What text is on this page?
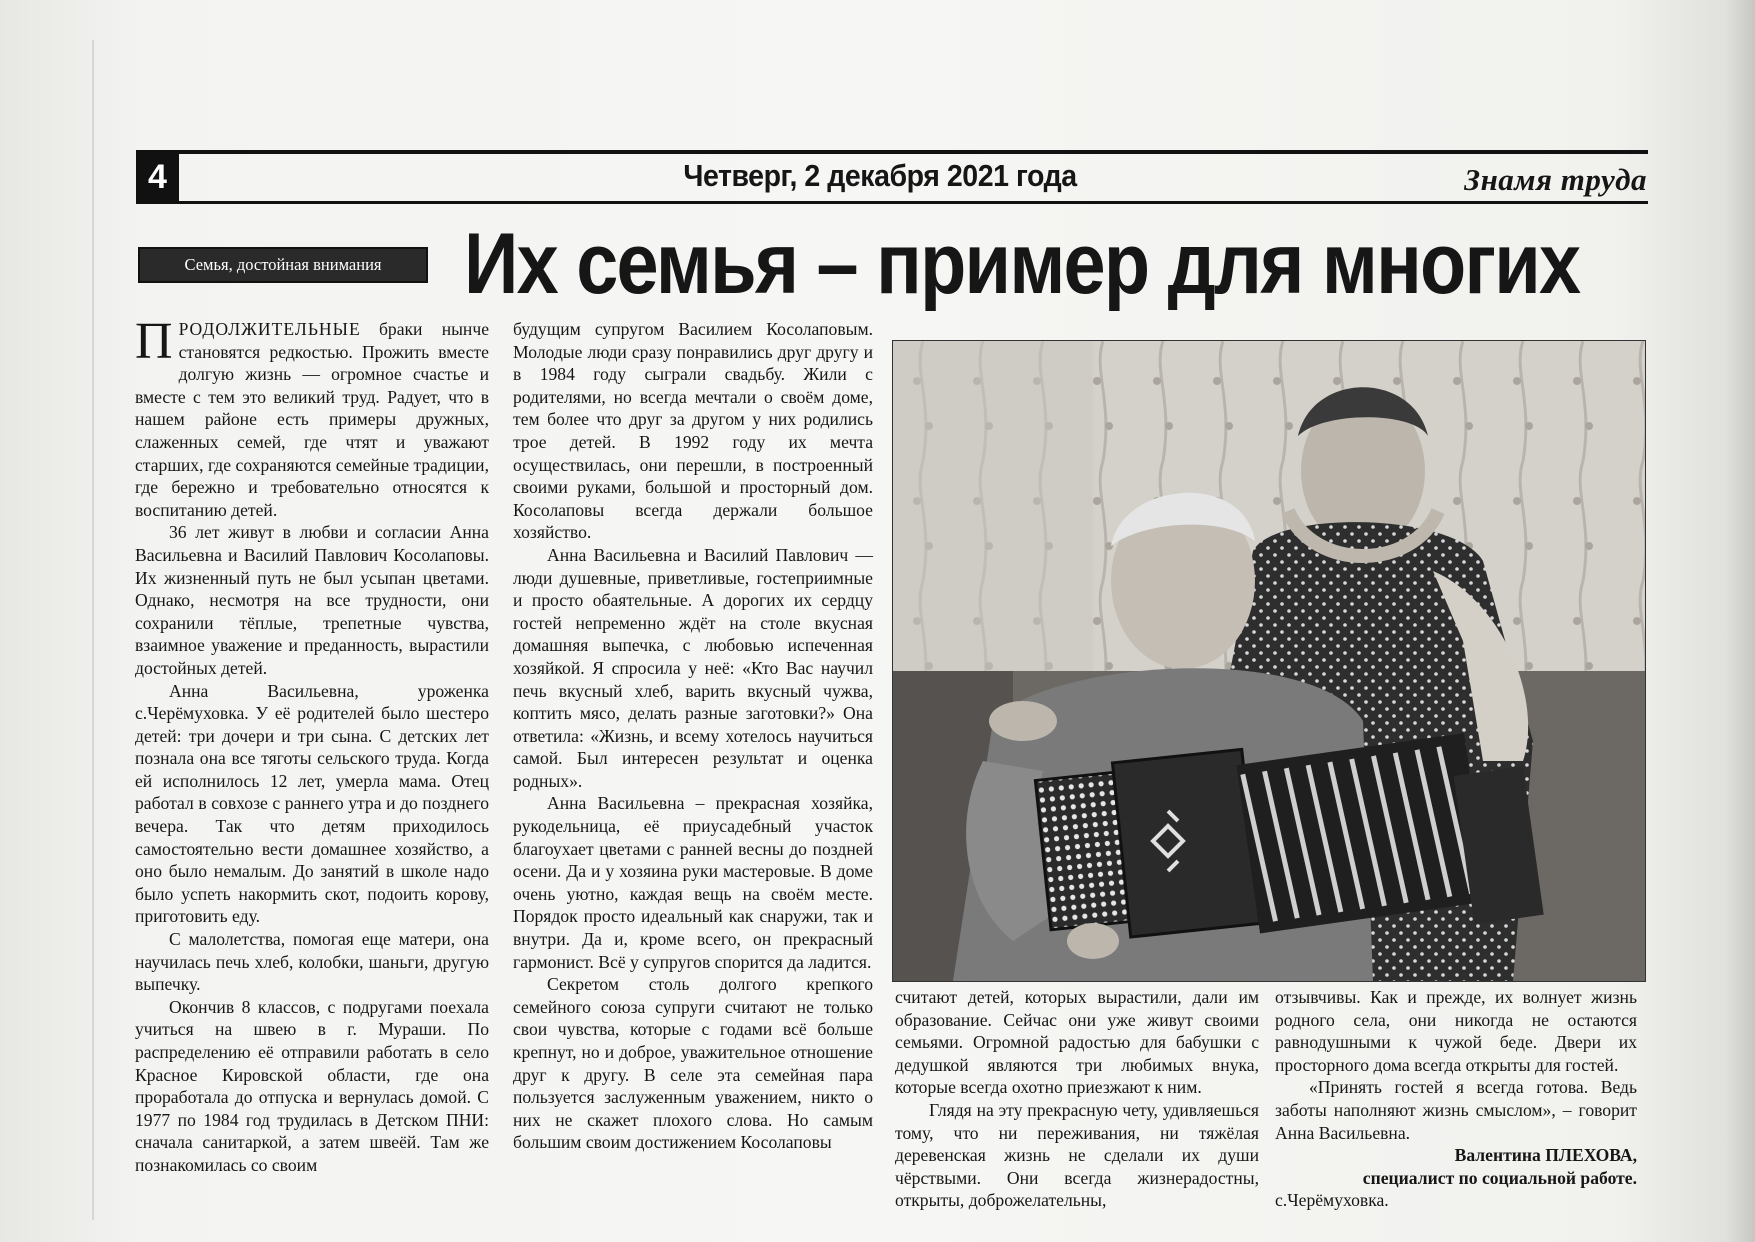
4	Четверг, 2 декабря 2021 года	Знамя труда
Семья, достойная внимания Их семья – пример для многих

ПРОДОЛЖИТЕЛЬНЫЕ браки нынче становятся редкостью. Прожить вместе долгую жизнь — огромное счастье и вместе с тем это великий труд. Радует, что в нашем районе есть примеры дружных, слаженных семей, где чтят и уважают старших, где сохраняются семейные традиции, где бережно и требовательно относятся к воспитанию детей.

36 лет живут в любви и согласии Анна Васильевна и Василий Павлович Косолаповы. Их жизненный путь не был усыпан цветами. Однако, несмотря на все трудности, они сохранили тёплые, трепетные чувства, взаимное уважение и преданность, вырастили достойных детей.

Анна Васильевна, уроженка с.Черёмуховка. У её родителей было шестеро детей: три дочери и три сына. С детских лет познала она все тяготы сельского труда. Когда ей исполнилось 12 лет, умерла мама. Отец работал в совхозе с раннего утра и до позднего вечера. Так что детям приходилось самостоятельно вести домашнее хозяйство, а оно было немалым. До занятий в школе надо было успеть накормить скот, подоить корову, приготовить еду.

С малолетства, помогая еще матери, она научилась печь хлеб, колобки, шаньги, другую выпечку.

Окончив 8 классов, с подругами поехала учиться на швею в г. Мураши. По распределению её отправили работать в село Красное Кировской области, где она проработала до отпуска и вернулась домой. С 1977 по 1984 год трудилась в Детском ПНИ: сначала санитаркой, а затем швеёй. Там же познакомилась со своим

будущим супругом Василием Косолаповым. Молодые люди сразу понравились друг другу и в 1984 году сыграли свадьбу. Жили с родителями, но всегда мечтали о своём доме, тем более что друг за другом у них родились трое детей. В 1992 году их мечта осуществилась, они перешли, в построенный своими руками, большой и просторный дом. Косолаповы всегда держали большое хозяйство.

Анна Васильевна и Василий Павлович — люди душевные, приветливые, гостеприимные и просто обаятельные. А дорогих их сердцу гостей непременно ждёт на столе вкусная домашняя выпечка, с любовью испеченная хозяйкой. Я спросила у неё: «Кто Вас научил печь вкусный хлеб, варить вкусный чужва, коптить мясо, делать разные заготовки?» Она ответила: «Жизнь, и всему хотелось научиться самой. Был интересен результат и оценка родных».

Анна Васильевна – прекрасная хозяйка, рукодельница, её приусадебный участок благоухает цветами с ранней весны до поздней осени. Да и у хозяина руки мастеровые. В доме очень уютно, каждая вещь на своём месте. Порядок просто идеальный как снаружи, так и внутри. Да и, кроме всего, он прекрасный гармонист. Всё у супругов спорится да ладится.

Секретом столь долгого крепкого семейного союза супруги считают не только свои чувства, которые с годами всё больше крепнут, но и доброе, уважительное отношение друг к другу. В селе эта семейная пара пользуется заслуженным уважением, никто о них не скажет плохого слова. Но самым большим своим достижением Косолаповы

считают детей, которых вырастили, дали им образование. Сейчас они уже живут своими семьями. Огромной радостью для бабушки с дедушкой являются три любимых внука, которые всегда охотно приезжают к ним.

Глядя на эту прекрасную чету, удивляешься тому, что ни переживания, ни тяжёлая деревенская жизнь не сделали их души чёрствыми. Они всегда жизнерадостны, открыты, доброжелательны,

отзывчивы. Как и прежде, их волнует жизнь родного села, они никогда не остаются равнодушными к чужой беде. Двери их просторного дома всегда открыты для гостей.

«Принять гостей я всегда готова. Ведь заботы наполняют жизнь смыслом», – говорит Анна Васильевна.

Валентина ПЛЕХОВА,

специалист по социальной работе.

с.Черёмуховка.
